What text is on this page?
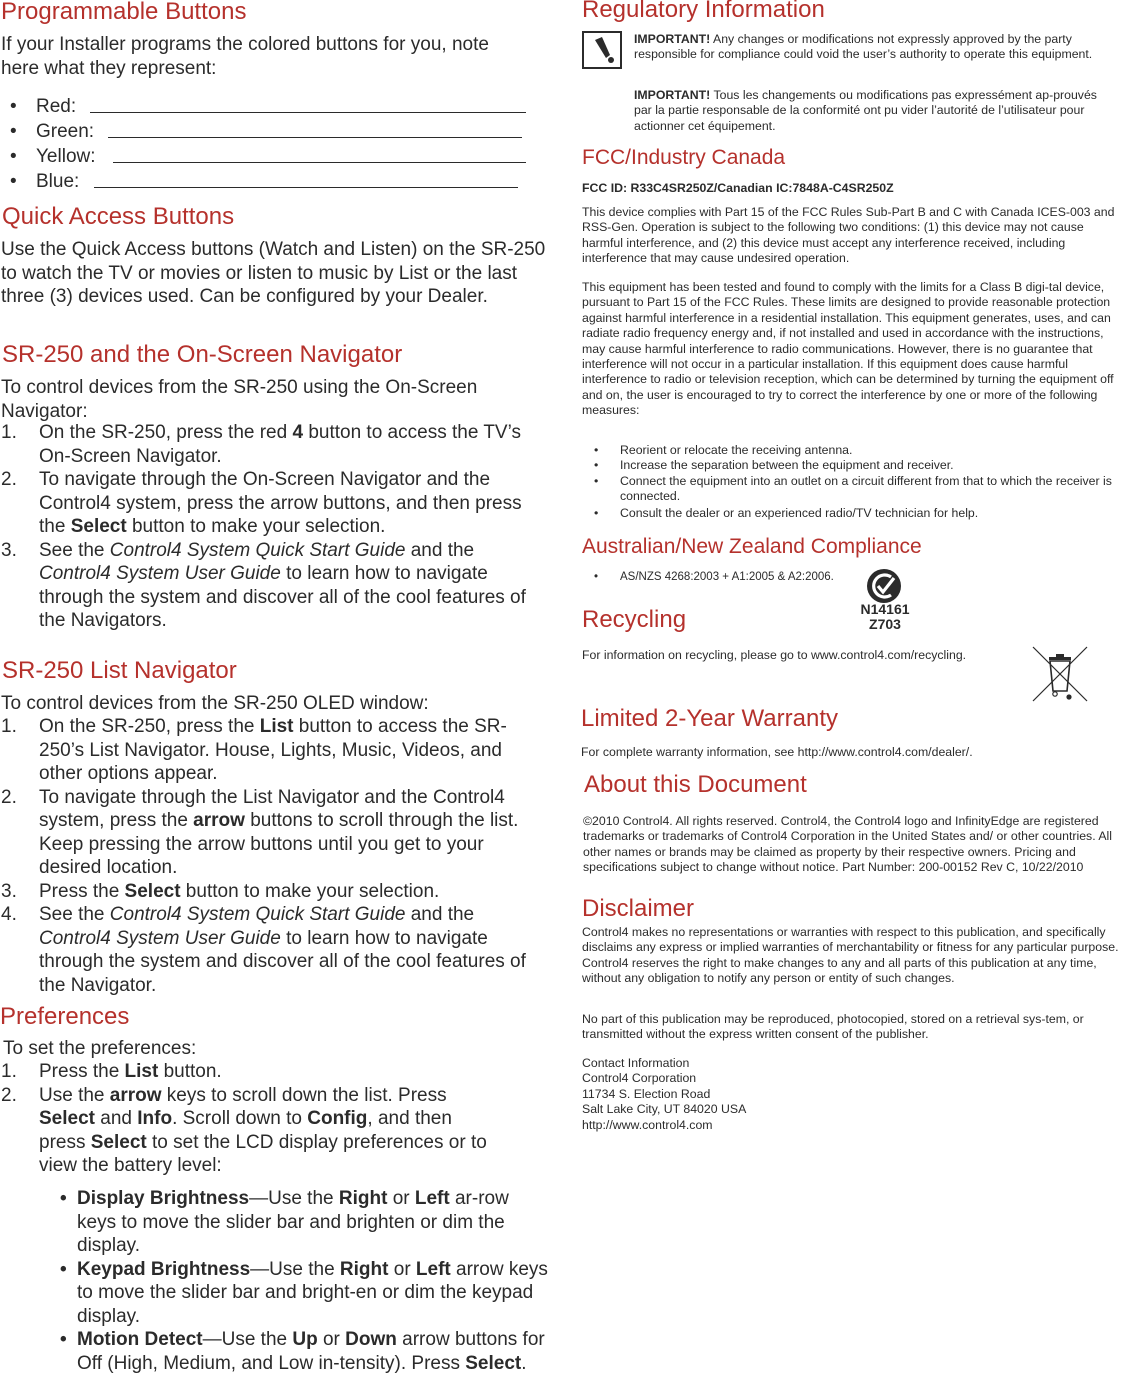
Programmable Buttons

If your Installer programs the colored buttons for you, note here what they represent:

• Red:
• Green:
• Yellow:
• Blue:
Quick Access Buttons

Use the Quick Access buttons (Watch and Listen) on the SR-250 to watch the TV or movies or listen to music by List or the last three (3) devices used. Can be configured by your Dealer.

SR-250 and the On-Screen Navigator

To control devices from the SR-250 using the On-Screen Navigator:

1. On the SR-250, press the red 4 button to access the TV’s On-Screen Navigator.
2. To navigate through the On-Screen Navigator and the Control4 system, press the arrow buttons, and then press the Select button to make your selection.
3. See the Control4 System Quick Start Guide and the Control4 System User Guide to learn how to navigate through the system and discover all of the cool features of the Navigators.
SR-250 List Navigator

To control devices from the SR-250 OLED window:

1. On the SR-250, press the List button to access the SR-250’s List Navigator. House, Lights, Music, Videos, and other options appear.
2. To navigate through the List Navigator and the Control4 system, press the arrow buttons to scroll through the list. Keep pressing the arrow buttons until you get to your desired location.
3. Press the Select button to make your selection.
4. See the Control4 System Quick Start Guide and the Control4 System User Guide to learn how to navigate through the system and discover all of the cool features of the Navigator.
Preferences

To set the preferences:

1. Press the List button.
2. Use the arrow keys to scroll down the list. Press Select and Info. Scroll down to Config, and then press Select to set the LCD display preferences or to view the battery level:
• Display Brightness—Use the Right or Left ar-row keys to move the slider bar and brighten or dim the display.
• Keypad Brightness—Use the Right or Left arrow keys to move the slider bar and bright-en or dim the keypad display.
• Motion Detect—Use the Up or Down arrow buttons for Off (High, Medium, and Low in-tensity). Press Select.
Regulatory Information

IMPORTANT! Any changes or modifications not expressly approved by the party responsible for compliance could void the user’s authority to operate this equipment.

IMPORTANT! Tous les changements ou modifications pas expressément ap-prouvés par la partie responsable de la conformité ont pu vider l’autorité de l’utilisateur pour actionner cet équipement.

FCC/Industry Canada

FCC ID: R33C4SR250Z/Canadian IC:7848A-C4SR250Z

This device complies with Part 15 of the FCC Rules Sub-Part B and C with Canada ICES-003 and RSS-Gen. Operation is subject to the following two conditions: (1) this device may not cause harmful interference, and (2) this device must accept any interference received, including interference that may cause undesired operation.

This equipment has been tested and found to comply with the limits for a Class B digi-tal device, pursuant to Part 15 of the FCC Rules. These limits are designed to provide reasonable protection against harmful interference in a residential installation. This equipment generates, uses, and can radiate radio frequency energy and, if not installed and used in accordance with the instructions, may cause harmful interference to radio communications. However, there is no guarantee that interference will not occur in a particular installation. If this equipment does cause harmful interference to radio or television reception, which can be determined by turning the equipment off and on, the user is encouraged to try to correct the interference by one or more of the following measures:

• Reorient or relocate the receiving antenna.
• Increase the separation between the equipment and receiver.
• Connect the equipment into an outlet on a circuit different from that to which the receiver is connected.
• Consult the dealer or an experienced radio/TV technician for help.
Australian/New Zealand Compliance
• AS/NZS 4268:2003 + A1:2005 & A2:2006.
Recycling

For information on recycling, please go to www.control4.com/recycling.

Limited 2-Year Warranty

For complete warranty information, see http://www.control4.com/dealer/.

About this Document

©2010 Control4. All rights reserved. Control4, the Control4 logo and InfinityEdge are registered trademarks or trademarks of Control4 Corporation in the United States and/ or other countries. All other names or brands may be claimed as property by their respective owners. Pricing and specifications subject to change without notice. Part Number: 200-00152 Rev C, 10/22/2010

Disclaimer

Control4 makes no representations or warranties with respect to this publication, and specifically disclaims any express or implied warranties of merchantability or fitness for any particular purpose. Control4 reserves the right to make changes to any and all parts of this publication at any time, without any obligation to notify any person or entity of such changes.

No part of this publication may be reproduced, photocopied, stored on a retrieval sys-tem, or transmitted without the express written consent of the publisher.

Contact Information
Control4 Corporation
11734 S. Election Road
Salt Lake City, UT 84020 USA
http://www.control4.com
N14161
Z703
